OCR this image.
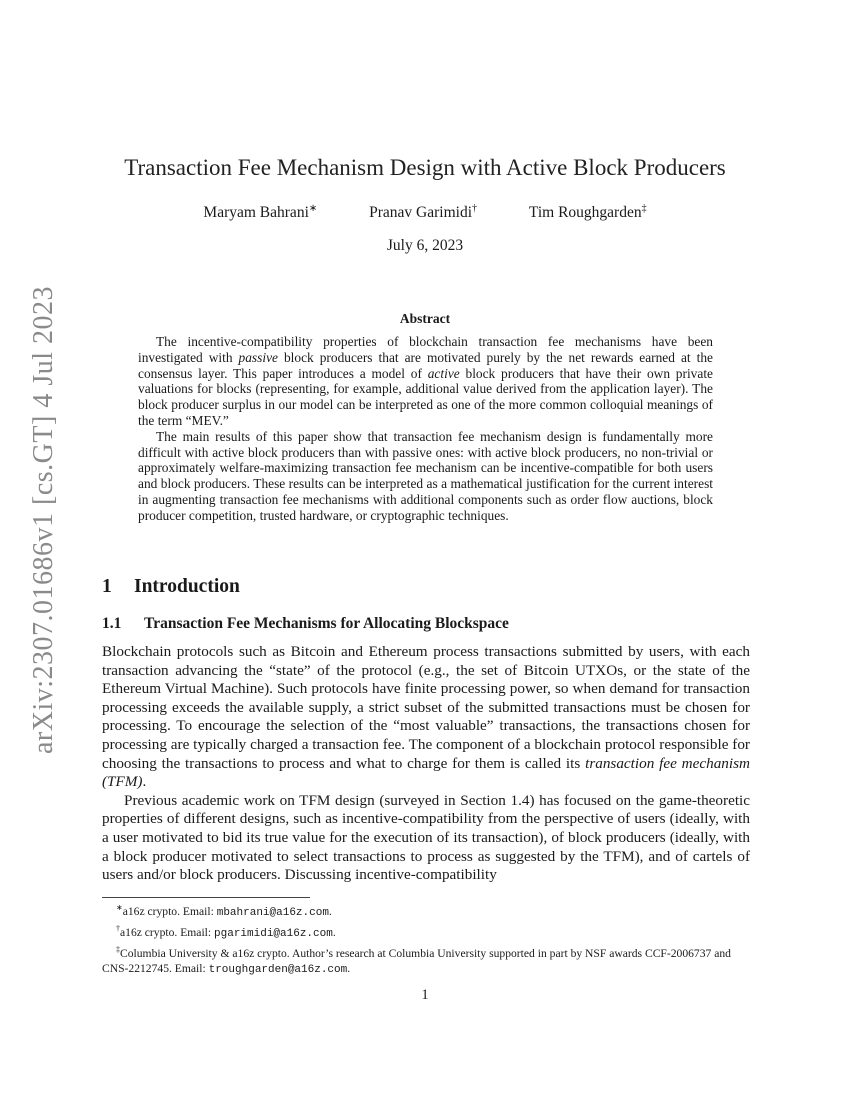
arXiv:2307.01686v1 [cs.GT] 4 Jul 2023
Transaction Fee Mechanism Design with Active Block Producers
Maryam Bahrani∗	Pranav Garimidi†	Tim Roughgarden‡
July 6, 2023
Abstract

The incentive-compatibility properties of blockchain transaction fee mechanisms have been investigated with passive block producers that are motivated purely by the net rewards earned at the consensus layer. This paper introduces a model of active block producers that have their own private valuations for blocks (representing, for example, additional value derived from the application layer). The block producer surplus in our model can be interpreted as one of the more common colloquial meanings of the term “MEV.”

The main results of this paper show that transaction fee mechanism design is fundamentally more difficult with active block producers than with passive ones: with active block producers, no non-trivial or approximately welfare-maximizing transaction fee mechanism can be incentive-compatible for both users and block producers. These results can be interpreted as a mathematical justification for the current interest in augmenting transaction fee mechanisms with additional components such as order flow auctions, block producer competition, trusted hardware, or cryptographic techniques.

1 Introduction
1.1 Transaction Fee Mechanisms for Allocating Blockspace

Blockchain protocols such as Bitcoin and Ethereum process transactions submitted by users, with each transaction advancing the “state” of the protocol (e.g., the set of Bitcoin UTXOs, or the state of the Ethereum Virtual Machine). Such protocols have finite processing power, so when demand for transaction processing exceeds the available supply, a strict subset of the submitted transactions must be chosen for processing. To encourage the selection of the “most valuable” transactions, the transactions chosen for processing are typically charged a transaction fee. The component of a blockchain protocol responsible for choosing the transactions to process and what to charge for them is called its transaction fee mechanism (TFM).

Previous academic work on TFM design (surveyed in Section 1.4) has focused on the game-theoretic properties of different designs, such as incentive-compatibility from the perspective of users (ideally, with a user motivated to bid its true value for the execution of its transaction), of block producers (ideally, with a block producer motivated to select transactions to process as suggested by the TFM), and of cartels of users and/or block producers. Discussing incentive-compatibility

∗a16z crypto. Email: mbahrani@a16z.com.

†a16z crypto. Email: pgarimidi@a16z.com.

‡Columbia University & a16z crypto. Author’s research at Columbia University supported in part by NSF awards CCF-2006737 and CNS-2212745. Email: troughgarden@a16z.com.

1
